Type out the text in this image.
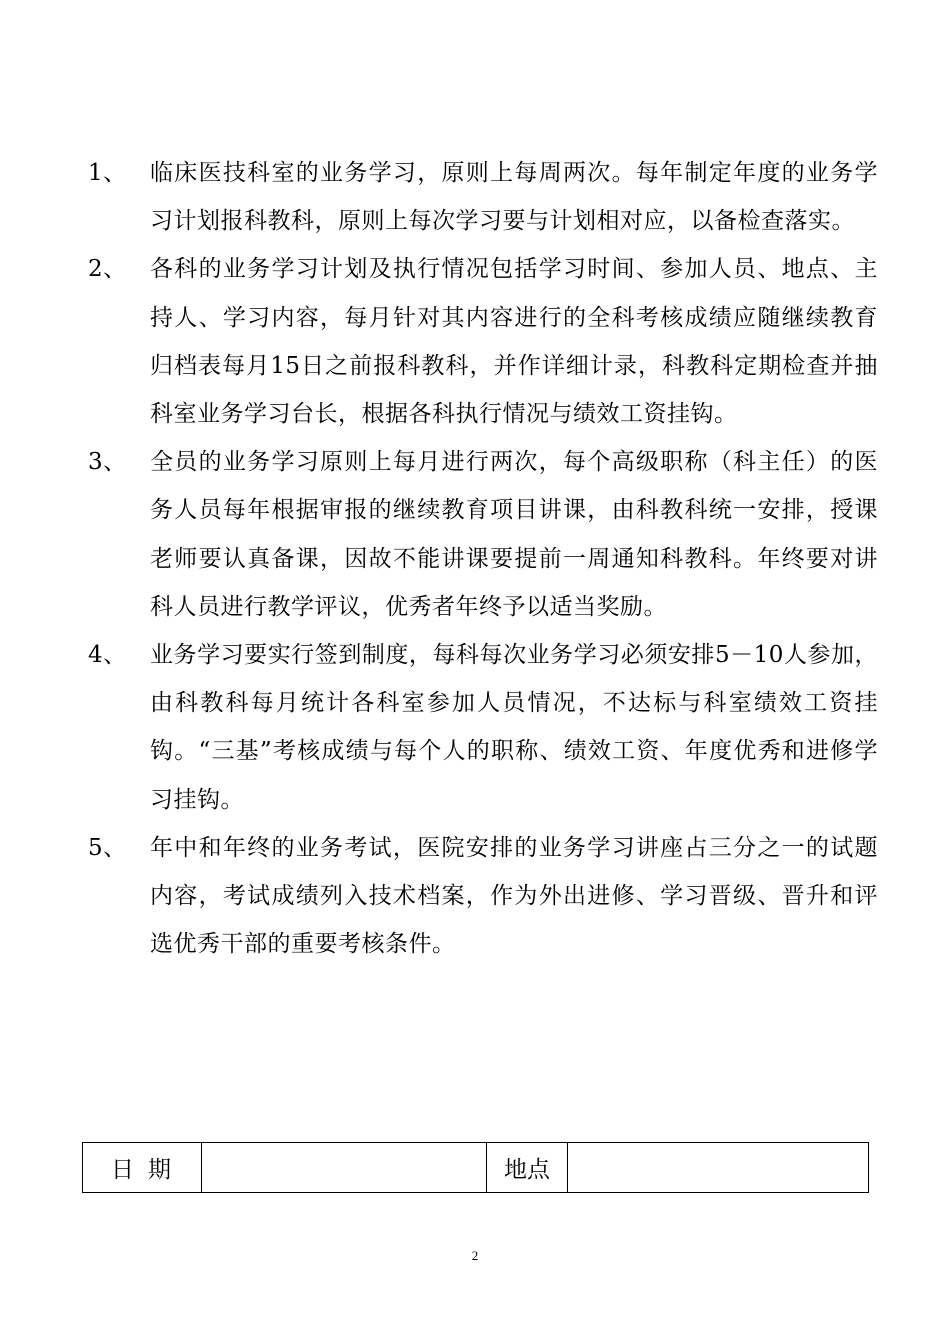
1、	临床医技科室的业务学习，原则上每周两次。每年制定年度的业务学习计划报科教科，原则上每次学习要与计划相对应，以备检查落实。
2、	各科的业务学习计划及执行情况包括学习时间、参加人员、地点、主持人、学习内容，每月针对其内容进行的全科考核成绩应随继续教育归档表每月15日之前报科教科，并作详细计录，科教科定期检查并抽科室业务学习台长，根据各科执行情况与绩效工资挂钩。
3、	全员的业务学习原则上每月进行两次，每个高级职称（科主任）的医务人员每年根据审报的继续教育项目讲课，由科教科统一安排，授课老师要认真备课，因故不能讲课要提前一周通知科教科。年终要对讲科人员进行教学评议，优秀者年终予以适当奖励。
4、	业务学习要实行签到制度，每科每次业务学习必须安排5－10人参加，由科教科每月统计各科室参加人员情况，不达标与科室绩效工资挂钩。“三基”考核成绩与每个人的职称、绩效工资、年度优秀和进修学习挂钩。
5、	年中和年终的业务考试，医院安排的业务学习讲座占三分之一的试题内容，考试成绩列入技术档案，作为外出进修、学习晋级、晋升和评选优秀干部的重要考核条件。
日期		地点	
2
